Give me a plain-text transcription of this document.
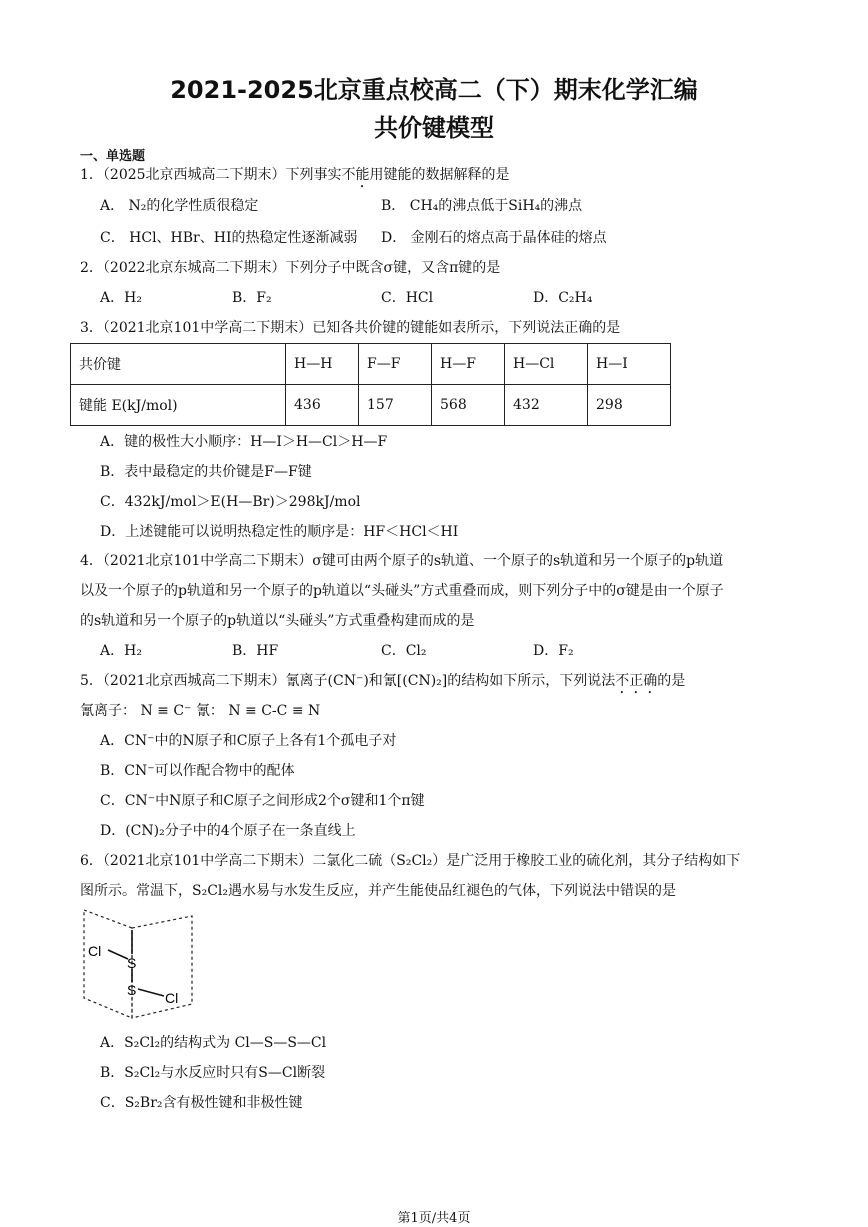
2021-2025北京重点校高二（下）期末化学汇编
共价键模型
一、单选题
1．（2025北京西城高二下期末）下列事实不能用键能的数据解释的是
A． N₂的化学性质很稳定	B． CH₄的沸点低于SiH₄的沸点
C． HCl、HBr、HI的热稳定性逐渐减弱 D． 金刚石的熔点高于晶体硅的熔点
2．（2022北京东城高二下期末）下列分子中既含σ键，又含π键的是
A．H₂	B．F₂	C．HCl	D．C₂H₄
3．（2021北京101中学高二下期末）已知各共价键的键能如表所示，下列说法正确的是
共价键	H—H	F—F	H—F	H—Cl	H—I
键能 E(kJ/mol)	436	157	568	432	298
A．键的极性大小顺序：H—I＞H—Cl＞H—F
B．表中最稳定的共价键是F—F键
C．432kJ/mol＞E(H—Br)＞298kJ/mol
D．上述键能可以说明热稳定性的顺序是：HF＜HCl＜HI
4．（2021北京101中学高二下期末）σ键可由两个原子的s轨道、一个原子的s轨道和另一个原子的p轨道
以及一个原子的p轨道和另一个原子的p轨道以“头碰头”方式重叠而成，则下列分子中的σ键是由一个原子
的s轨道和另一个原子的p轨道以“头碰头”方式重叠构建而成的是
A．H₂	B．HF	C．Cl₂	D．F₂
5．（2021北京西城高二下期末）氰离子(CN⁻)和氰[(CN)₂]的结构如下所示，下列说法不正确的是
氰离子： N ≡ C⁻ 氰： N ≡ C-C ≡ N
A．CN⁻中的N原子和C原子上各有1个孤电子对
B．CN⁻可以作配合物中的配体
C．CN⁻中N原子和C原子之间形成2个σ键和1个π键
D．(CN)₂分子中的4个原子在一条直线上
6．（2021北京101中学高二下期末）二氯化二硫（S₂Cl₂）是广泛用于橡胶工业的硫化剂，其分子结构如下
图所示。常温下，S₂Cl₂遇水易与水发生反应，并产生能使品红褪色的气体，下列说法中错误的是
Cl
S
S Cl
A．S₂Cl₂的结构式为 Cl—S—S—Cl
B．S₂Cl₂与水反应时只有S—Cl断裂
C．S₂Br₂含有极性键和非极性键
第1页/共4页
